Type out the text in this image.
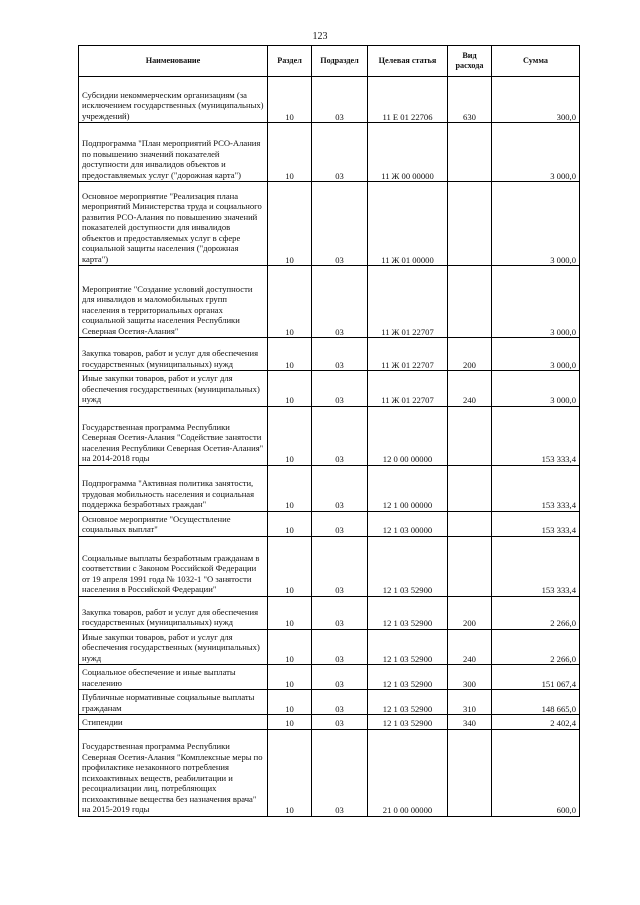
123
Наименование	Раздел	Подраздел	Целевая статья	Вид расхода	Сумма
Субсидии некоммерческим организациям (за исключением государственных (муниципальных) учреждений)	10	03	11 Е 01 22706	630	300,0
Подпрограмма "План мероприятий РСО-Алания по повышению значений показателей доступности для инвалидов объектов и предоставляемых услуг ("дорожная карта")	10	03	11 Ж 00 00000		3 000,0
Основное мероприятие "Реализация плана мероприятий Министерства труда и социального развития РСО-Алания по повышению значений показателей доступности для инвалидов объектов и предоставляемых услуг в сфере социальной защиты населения ("дорожная карта")	10	03	11 Ж 01 00000		3 000,0
Мероприятие "Создание условий доступности для инвалидов и маломобильных групп населения в территориальных органах социальной защиты населения Республики Северная Осетия-Алания"	10	03	11 Ж 01 22707		3 000,0
Закупка товаров, работ и услуг для обеспечения государственных (муниципальных) нужд	10	03	11 Ж 01 22707	200	3 000,0
Иные закупки товаров, работ и услуг для обеспечения государственных (муниципальных) нужд	10	03	11 Ж 01 22707	240	3 000,0
Государственная программа Республики Северная Осетия-Алания "Содействие занятости населения Республики Северная Осетия-Алания" на 2014-2018 годы	10	03	12 0 00 00000		153 333,4
Подпрограмма "Активная политика занятости, трудовая мобильность населения и социальная поддержка безработных граждан"	10	03	12 1 00 00000		153 333,4
Основное мероприятие "Осуществление социальных выплат"	10	03	12 1 03 00000		153 333,4
Социальные выплаты безработным гражданам в соответствии с Законом Российской Федерации от 19 апреля 1991 года № 1032-1 "О занятости населения в Российской Федерации"	10	03	12 1 03 52900		153 333,4
Закупка товаров, работ и услуг для обеспечения государственных (муниципальных) нужд	10	03	12 1 03 52900	200	2 266,0
Иные закупки товаров, работ и услуг для обеспечения государственных (муниципальных) нужд	10	03	12 1 03 52900	240	2 266,0
Социальное обеспечение и иные выплаты населению	10	03	12 1 03 52900	300	151 067,4
Публичные нормативные социальные выплаты гражданам	10	03	12 1 03 52900	310	148 665,0
Стипендии	10	03	12 1 03 52900	340	2 402,4
Государственная программа Республики Северная Осетия-Алания "Комплексные меры по профилактике незаконного потребления психоактивных веществ, реабилитации и ресоциализации лиц, потребляющих психоактивные вещества без назначения врача" на 2015-2019 годы	10	03	21 0 00 00000		600,0
